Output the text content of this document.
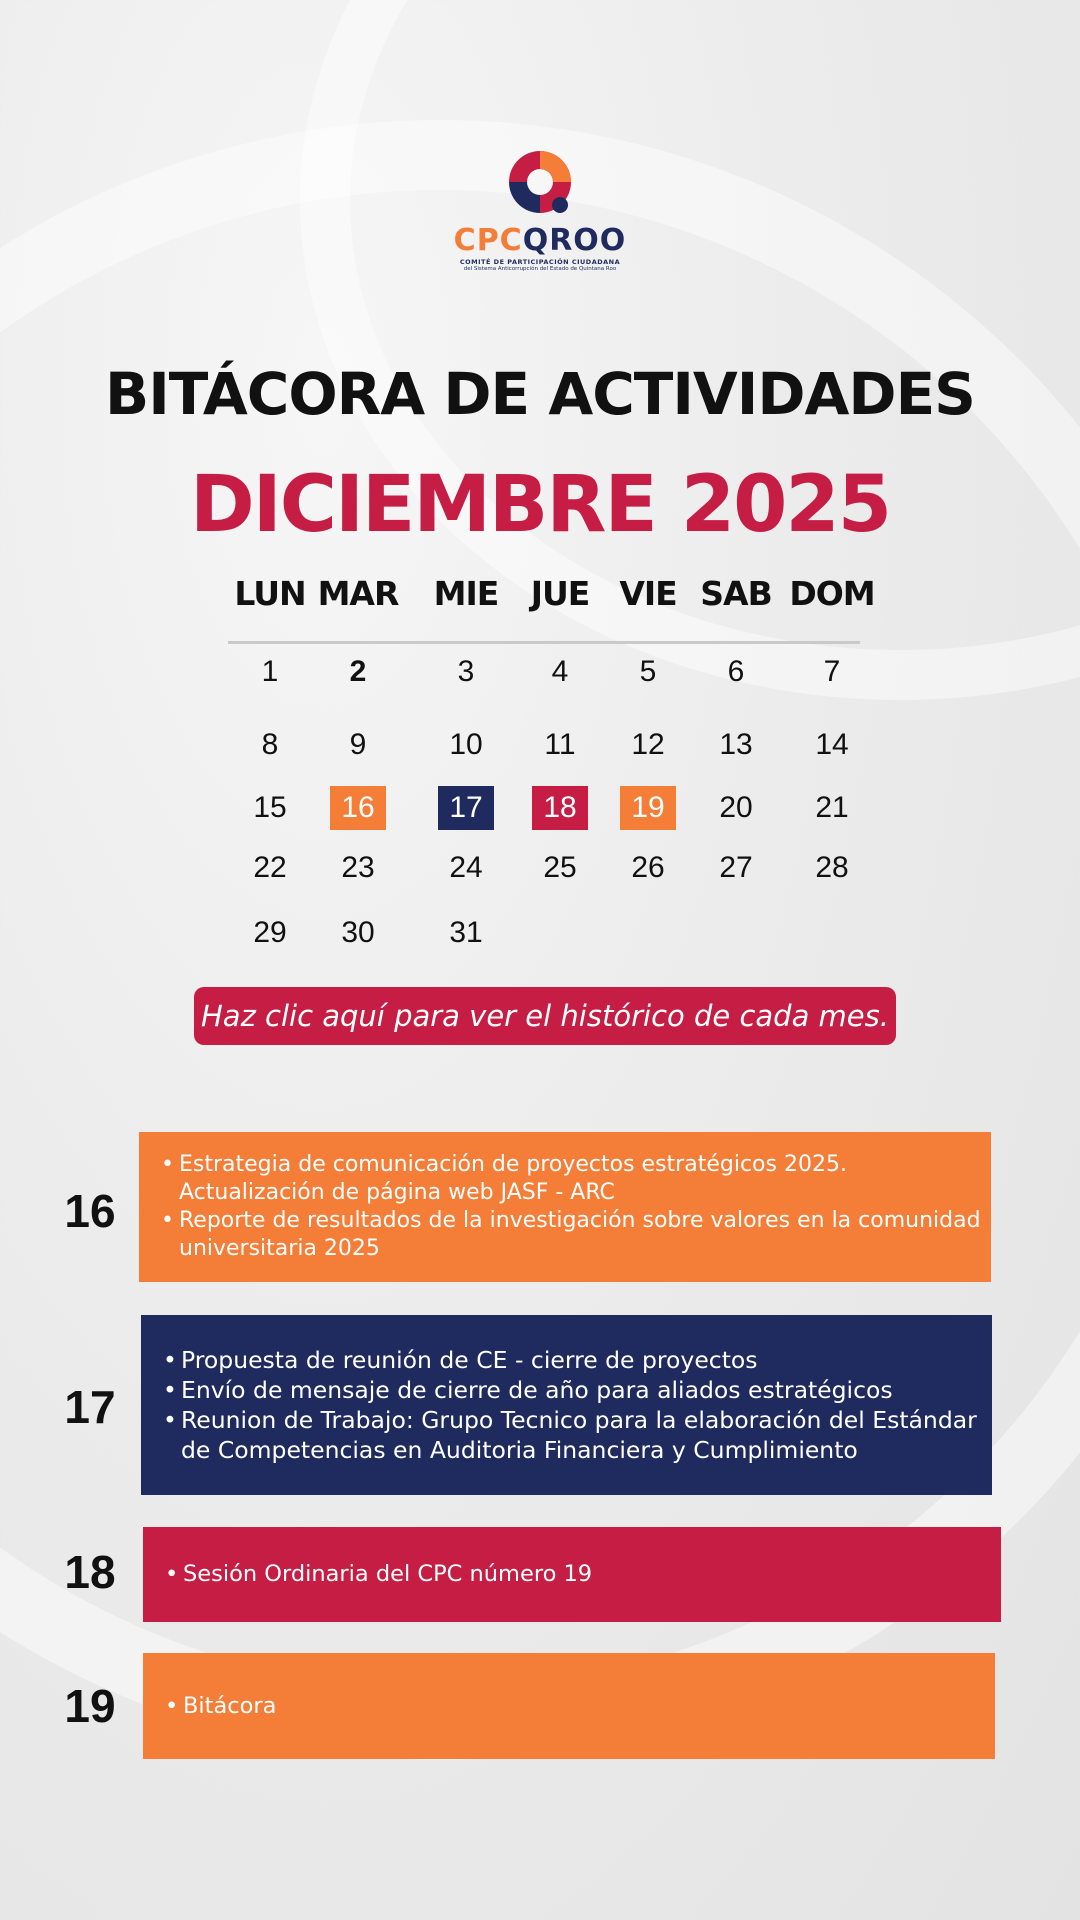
CPCQROO
COMITÉ DE PARTICIPACIÓN CIUDADANA
del Sistema Anticorrupción del Estado de Quintana Roo
BITÁCORA DE ACTIVIDADES
DICIEMBRE 2025
LUN MAR	MIE JUE VIE SAB DOM
1	2	3	4	5	6	7
8	9	10	11	12	13	14
15	16	17	18	19	20	21
22	23	24	25	26	27	28
29	30	31
Haz clic aquí para ver el histórico de cada mes.
16
• Estrategia de comunicación de proyectos estratégicos 2025. Actualización de página web JASF - ARC
• Reporte de resultados de la investigación sobre valores en la comunidad universitaria 2025
17
• Propuesta de reunión de CE - cierre de proyectos
• Envío de mensaje de cierre de año para aliados estratégicos
• Reunion de Trabajo: Grupo Tecnico para la elaboración del Estándar de Competencias en Auditoria Financiera y Cumplimiento
18	• Sesión Ordinaria del CPC número 19
19	• Bitácora
